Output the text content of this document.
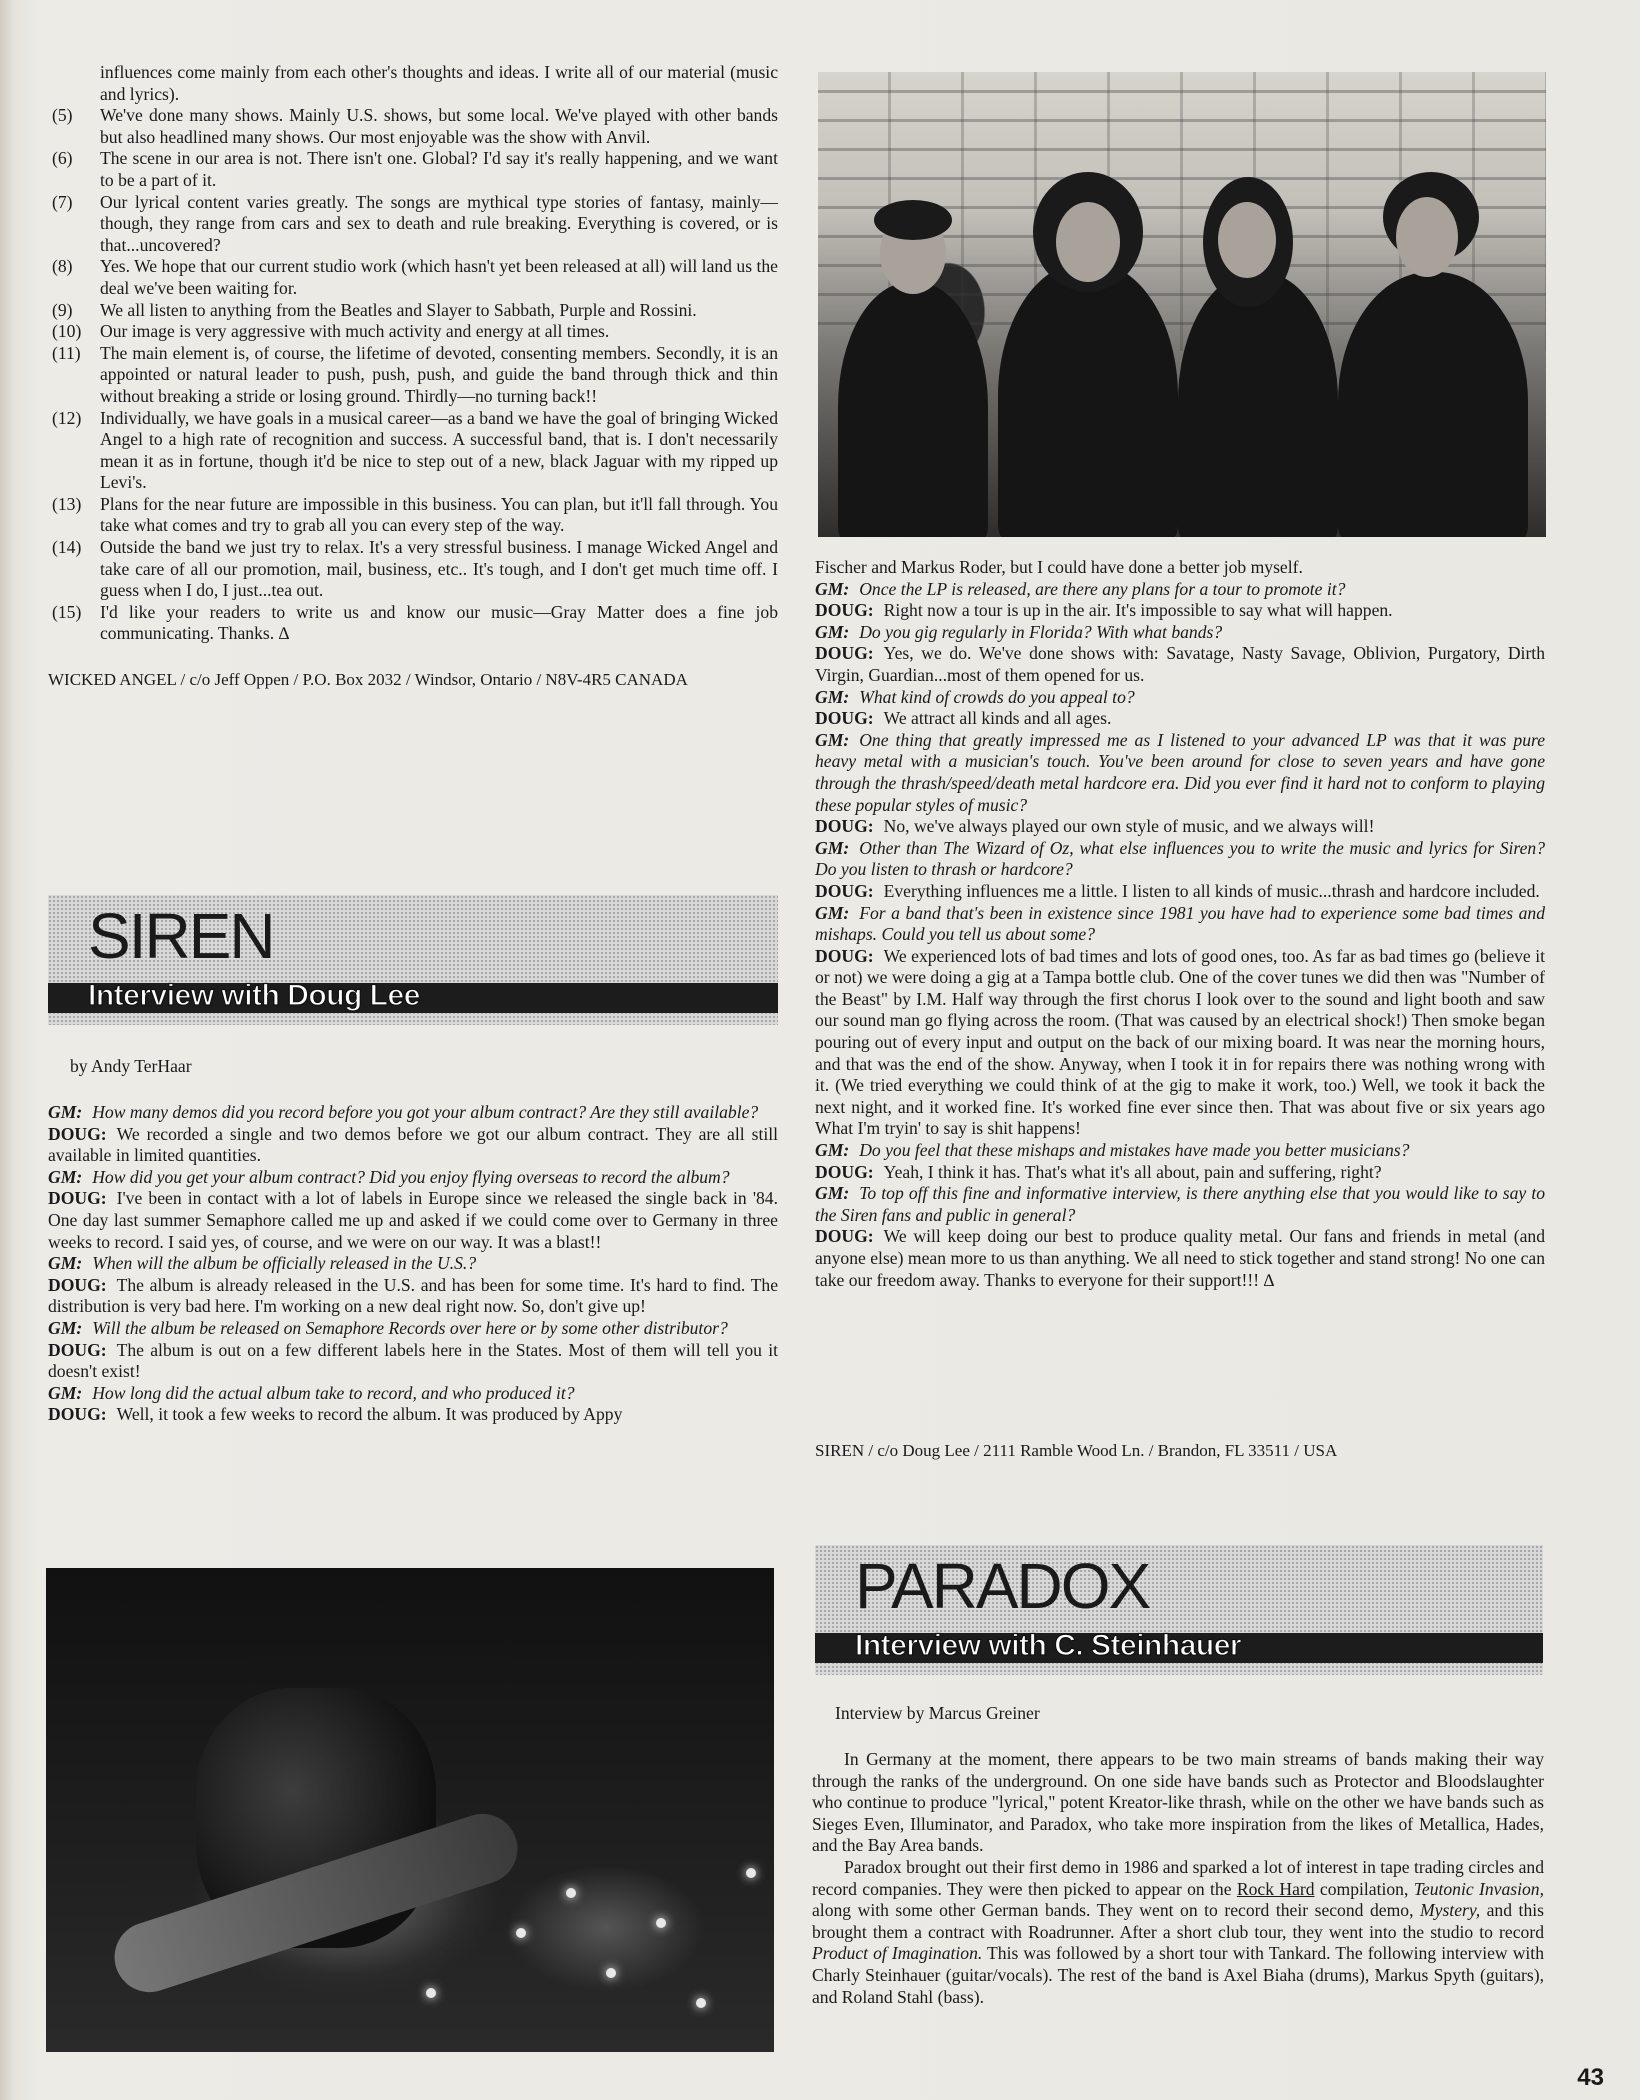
influences come mainly from each other's thoughts and ideas. I write all of our material (music and lyrics).

(5) We've done many shows. Mainly U.S. shows, but some local. We've played with other bands but also headlined many shows. Our most enjoyable was the show with Anvil.
(6) The scene in our area is not. There isn't one. Global? I'd say it's really happening, and we want to be a part of it.
(7) Our lyrical content varies greatly. The songs are mythical type stories of fantasy, mainly—though, they range from cars and sex to death and rule breaking. Everything is covered, or is that...uncovered?
(8) Yes. We hope that our current studio work (which hasn't yet been released at all) will land us the deal we've been waiting for.
(9) We all listen to anything from the Beatles and Slayer to Sabbath, Purple and Rossini.
(10) Our image is very aggressive with much activity and energy at all times.
(11) The main element is, of course, the lifetime of devoted, consenting members. Secondly, it is an appointed or natural leader to push, push, push, and guide the band through thick and thin without breaking a stride or losing ground. Thirdly—no turning back!!
(12) Individually, we have goals in a musical career—as a band we have the goal of bringing Wicked Angel to a high rate of recognition and success. A successful band, that is. I don't necessarily mean it as in fortune, though it'd be nice to step out of a new, black Jaguar with my ripped up Levi's.
(13) Plans for the near future are impossible in this business. You can plan, but it'll fall through. You take what comes and try to grab all you can every step of the way.
(14) Outside the band we just try to relax. It's a very stressful business. I manage Wicked Angel and take care of all our promotion, mail, business, etc.. It's tough, and I don't get much time off. I guess when I do, I just...tea out.
(15) I'd like your readers to write us and know our music—Gray Matter does a fine job communicating. Thanks. ∆

WICKED ANGEL / c/o Jeff Oppen / P.O. Box 2032 / Windsor, Ontario / N8V-4R5 CANADA

SIREN
Interview with Doug Lee
by Andy TerHaar

GM: How many demos did you record before you got your album contract? Are they still available?

DOUG: We recorded a single and two demos before we got our album contract. They are all still available in limited quantities.

GM: How did you get your album contract? Did you enjoy flying overseas to record the album?

DOUG: I've been in contact with a lot of labels in Europe since we released the single back in '84. One day last summer Semaphore called me up and asked if we could come over to Germany in three weeks to record. I said yes, of course, and we were on our way. It was a blast!!

GM: When will the album be officially released in the U.S.?

DOUG: The album is already released in the U.S. and has been for some time. It's hard to find. The distribution is very bad here. I'm working on a new deal right now. So, don't give up!

GM: Will the album be released on Semaphore Records over here or by some other distributor?

DOUG: The album is out on a few different labels here in the States. Most of them will tell you it doesn't exist!

GM: How long did the actual album take to record, and who produced it?

DOUG: Well, it took a few weeks to record the album. It was produced by Appy

Fischer and Markus Roder, but I could have done a better job myself.

GM: Once the LP is released, are there any plans for a tour to promote it?

DOUG: Right now a tour is up in the air. It's impossible to say what will happen.

GM: Do you gig regularly in Florida? With what bands?

DOUG: Yes, we do. We've done shows with: Savatage, Nasty Savage, Oblivion, Purgatory, Dirth Virgin, Guardian...most of them opened for us.

GM: What kind of crowds do you appeal to?

DOUG: We attract all kinds and all ages.

GM: One thing that greatly impressed me as I listened to your advanced LP was that it was pure heavy metal with a musician's touch. You've been around for close to seven years and have gone through the thrash/speed/death metal hardcore era. Did you ever find it hard not to conform to playing these popular styles of music?

DOUG: No, we've always played our own style of music, and we always will!

GM: Other than The Wizard of Oz, what else influences you to write the music and lyrics for Siren? Do you listen to thrash or hardcore?

DOUG: Everything influences me a little. I listen to all kinds of music...thrash and hardcore included.

GM: For a band that's been in existence since 1981 you have had to experience some bad times and mishaps. Could you tell us about some?

DOUG: We experienced lots of bad times and lots of good ones, too. As far as bad times go (believe it or not) we were doing a gig at a Tampa bottle club. One of the cover tunes we did then was "Number of the Beast" by I.M. Half way through the first chorus I look over to the sound and light booth and saw our sound man go flying across the room. (That was caused by an electrical shock!) Then smoke began pouring out of every input and output on the back of our mixing board. It was near the morning hours, and that was the end of the show. Anyway, when I took it in for repairs there was nothing wrong with it. (We tried everything we could think of at the gig to make it work, too.) Well, we took it back the next night, and it worked fine. It's worked fine ever since then. That was about five or six years ago What I'm tryin' to say is shit happens!

GM: Do you feel that these mishaps and mistakes have made you better musicians?

DOUG: Yeah, I think it has. That's what it's all about, pain and suffering, right?

GM: To top off this fine and informative interview, is there anything else that you would like to say to the Siren fans and public in general?

DOUG: We will keep doing our best to produce quality metal. Our fans and friends in metal (and anyone else) mean more to us than anything. We all need to stick together and stand strong! No one can take our freedom away. Thanks to everyone for their support!!! ∆

SIREN / c/o Doug Lee / 2111 Ramble Wood Ln. / Brandon, FL 33511 / USA

PARADOX
Interview with C. Steinhauer
Interview by Marcus Greiner

In Germany at the moment, there appears to be two main streams of bands making their way through the ranks of the underground. On one side have bands such as Protector and Bloodslaughter who continue to produce "lyrical," potent Kreator-like thrash, while on the other we have bands such as Sieges Even, Illuminator, and Paradox, who take more inspiration from the likes of Metallica, Hades, and the Bay Area bands.

Paradox brought out their first demo in 1986 and sparked a lot of interest in tape trading circles and record companies. They were then picked to appear on the Rock Hard compilation, Teutonic Invasion, along with some other German bands. They went on to record their second demo, Mystery, and this brought them a contract with Roadrunner. After a short club tour, they went into the studio to record Product of Imagination. This was followed by a short tour with Tankard. The following interview with Charly Steinhauer (guitar/vocals). The rest of the band is Axel Biaha (drums), Markus Spyth (guitars), and Roland Stahl (bass).

43
